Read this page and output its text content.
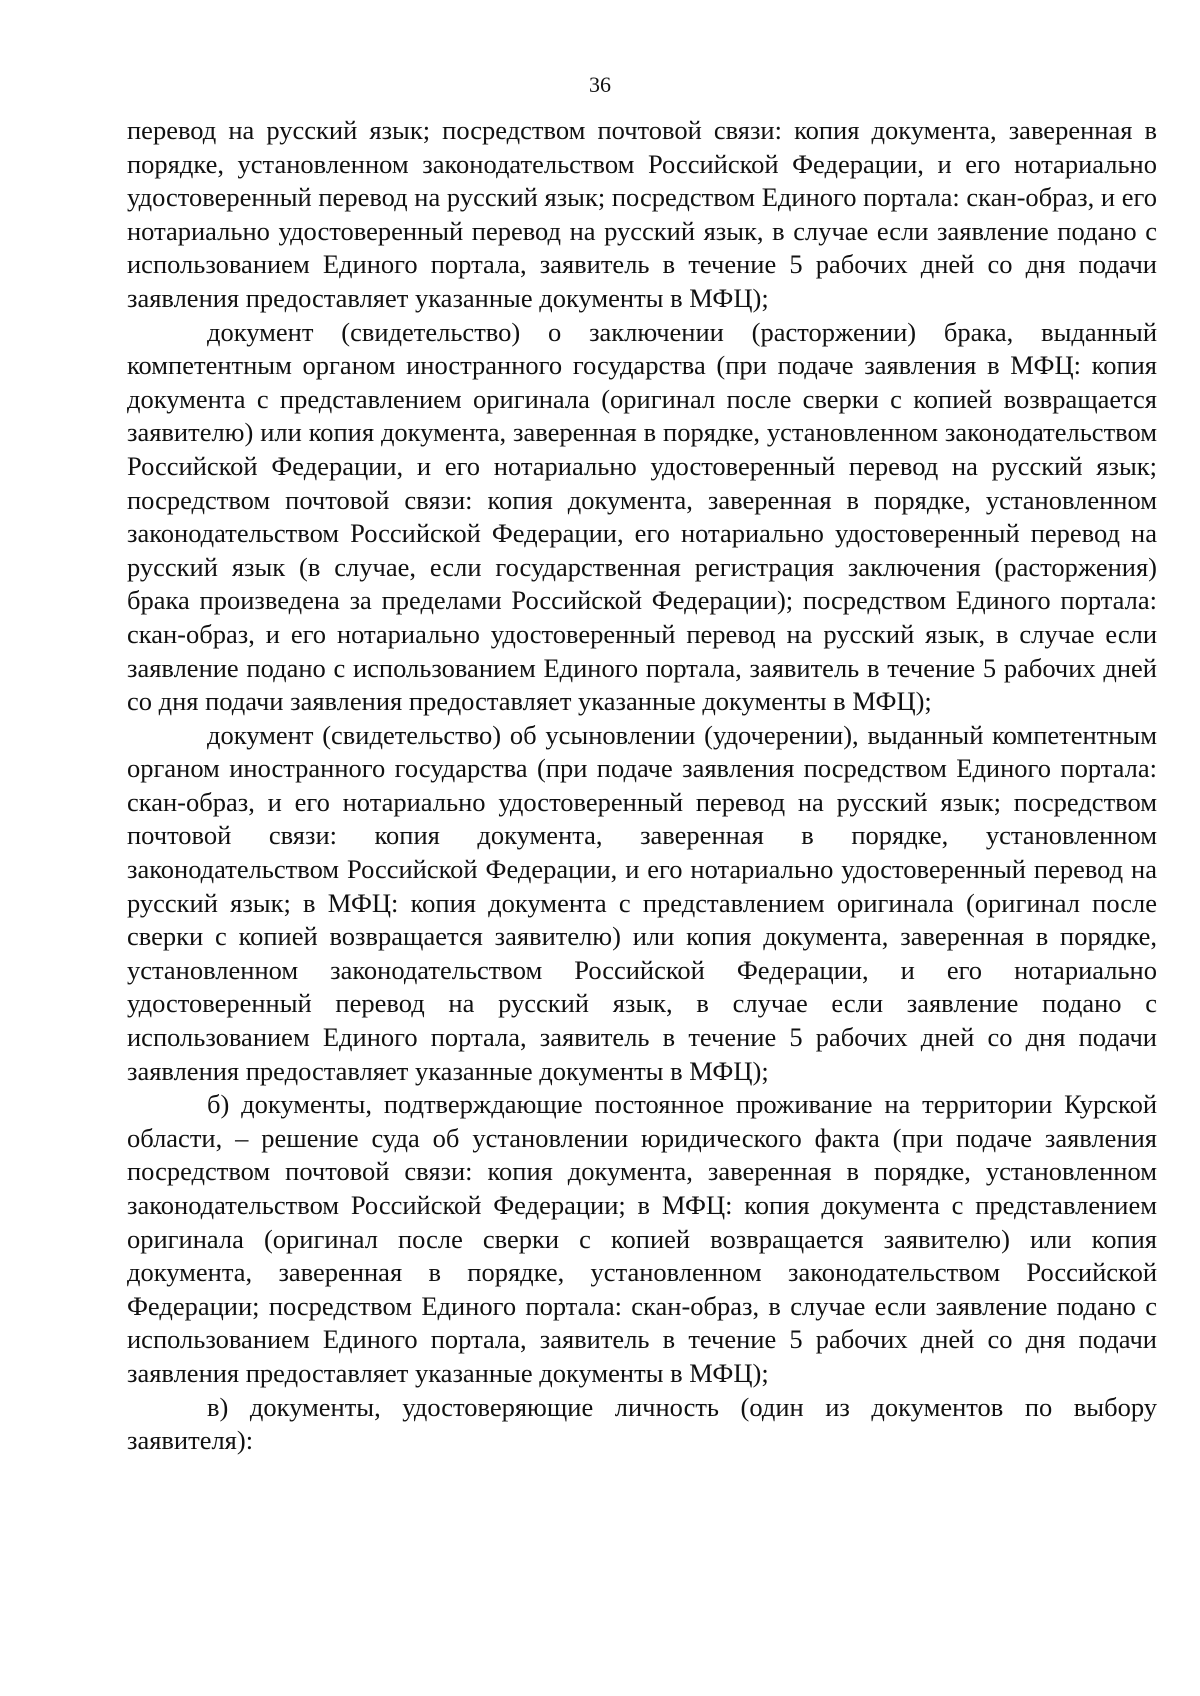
36

перевод на русский язык; посредством почтовой связи: копия документа, заверенная в порядке, установленном законодательством Российской Федерации, и его нотариально удостоверенный перевод на русский язык; посредством Единого портала: скан-образ, и его нотариально удостоверенный перевод на русский язык, в случае если заявление подано с использованием Единого портала, заявитель в течение 5 рабочих дней со дня подачи заявления предоставляет указанные документы в МФЦ);

документ (свидетельство) о заключении (расторжении) брака, выданный компетентным органом иностранного государства (при подаче заявления в МФЦ: копия документа с представлением оригинала (оригинал после сверки с копией возвращается заявителю) или копия документа, заверенная в порядке, установленном законодательством Российской Федерации, и его нотариально удостоверенный перевод на русский язык; посредством почтовой связи: копия документа, заверенная в порядке, установленном законодательством Российской Федерации, его нотариально удостоверенный перевод на русский язык (в случае, если государственная регистрация заключения (расторжения) брака произведена за пределами Российской Федерации); посредством Единого портала: скан-образ, и его нотариально удостоверенный перевод на русский язык, в случае если заявление подано с использованием Единого портала, заявитель в течение 5 рабочих дней со дня подачи заявления предоставляет указанные документы в МФЦ);

документ (свидетельство) об усыновлении (удочерении), выданный компетентным органом иностранного государства (при подаче заявления посредством Единого портала: скан-образ, и его нотариально удостоверенный перевод на русский язык; посредством почтовой связи: копия документа, заверенная в порядке, установленном законодательством Российской Федерации, и его нотариально удостоверенный перевод на русский язык; в МФЦ: копия документа с представлением оригинала (оригинал после сверки с копией возвращается заявителю) или копия документа, заверенная в порядке, установленном законодательством Российской Федерации, и его нотариально удостоверенный перевод на русский язык, в случае если заявление подано с использованием Единого портала, заявитель в течение 5 рабочих дней со дня подачи заявления предоставляет указанные документы в МФЦ);

б) документы, подтверждающие постоянное проживание на территории Курской области, – решение суда об установлении юридического факта (при подаче заявления посредством почтовой связи: копия документа, заверенная в порядке, установленном законодательством Российской Федерации; в МФЦ: копия документа с представлением оригинала (оригинал после сверки с копией возвращается заявителю) или копия документа, заверенная в порядке, установленном законодательством Российской Федерации; посредством Единого портала: скан-образ, в случае если заявление подано с использованием Единого портала, заявитель в течение 5 рабочих дней со дня подачи заявления предоставляет указанные документы в МФЦ);

в) документы, удостоверяющие личность (один из документов по выбору заявителя):
